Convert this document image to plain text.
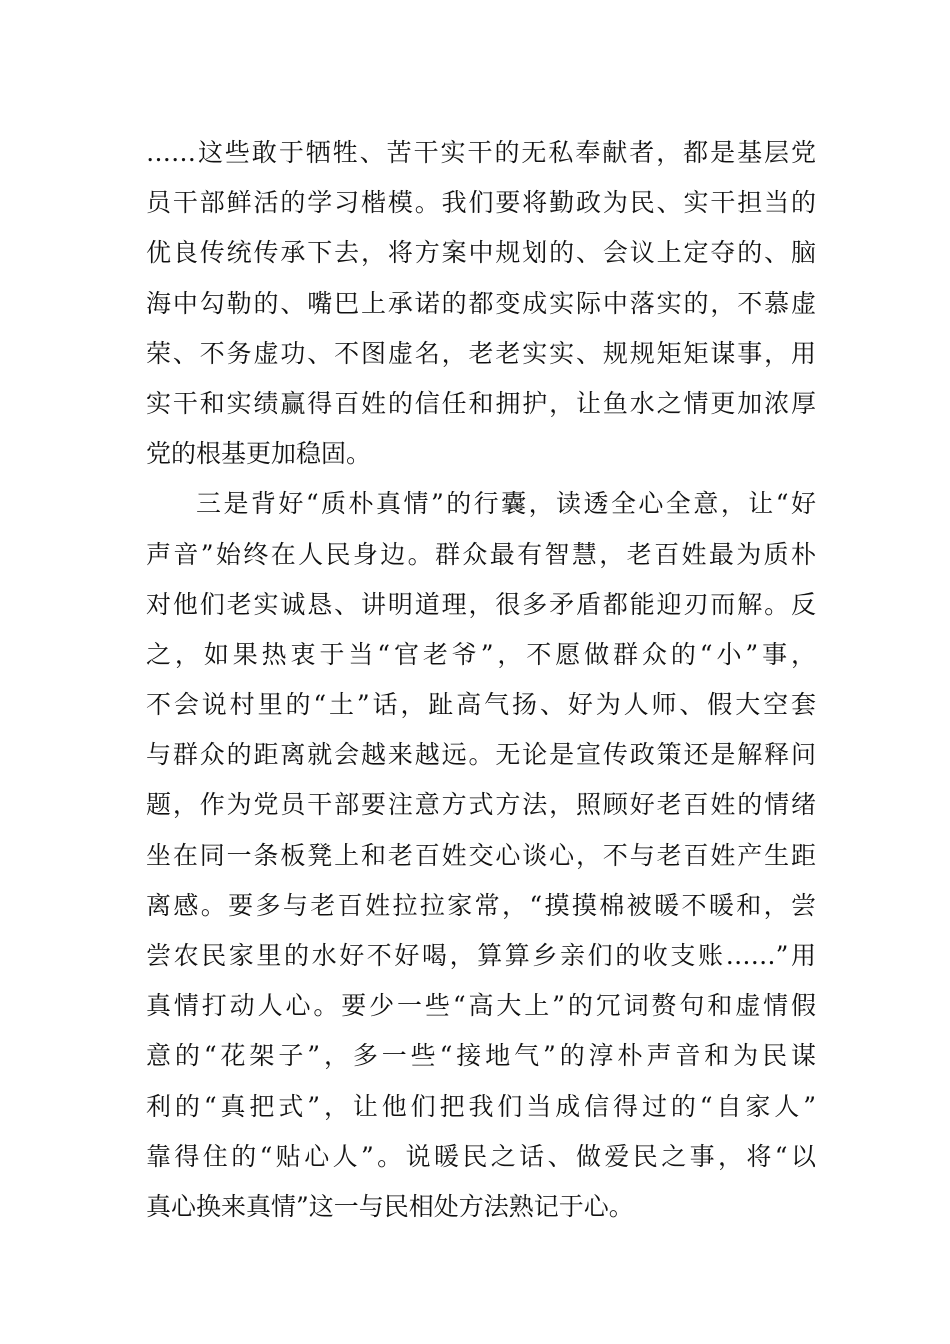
……这些敢于牺牲、苦干实干的无私奉献者，都是基层党
员干部鲜活的学习楷模。我们要将勤政为民、实干担当的
优良传统传承下去，将方案中规划的、会议上定夺的、脑
海中勾勒的、嘴巴上承诺的都变成实际中落实的，不慕虚
荣、不务虚功、不图虚名，老老实实、规规矩矩谋事，用
实干和实绩赢得百姓的信任和拥护，让鱼水之情更加浓厚
党的根基更加稳固。
三是背好“质朴真情”的行囊，读透全心全意，让“好
声音”始终在人民身边。群众最有智慧，老百姓最为质朴
对他们老实诚恳、讲明道理，很多矛盾都能迎刃而解。反
之，如果热衷于当“官老爷”，不愿做群众的“小”事，
不会说村里的“土”话，趾高气扬、好为人师、假大空套
与群众的距离就会越来越远。无论是宣传政策还是解释问
题，作为党员干部要注意方式方法，照顾好老百姓的情绪
坐在同一条板凳上和老百姓交心谈心，不与老百姓产生距
离感。要多与老百姓拉拉家常，“摸摸棉被暖不暖和，尝
尝农民家里的水好不好喝，算算乡亲们的收支账……”用
真情打动人心。要少一些“高大上”的冗词赘句和虚情假
意的“花架子”，多一些“接地气”的淳朴声音和为民谋
利的“真把式”，让他们把我们当成信得过的“自家人”
靠得住的“贴心人”。说暖民之话、做爱民之事，将“以
真心换来真情”这一与民相处方法熟记于心。
